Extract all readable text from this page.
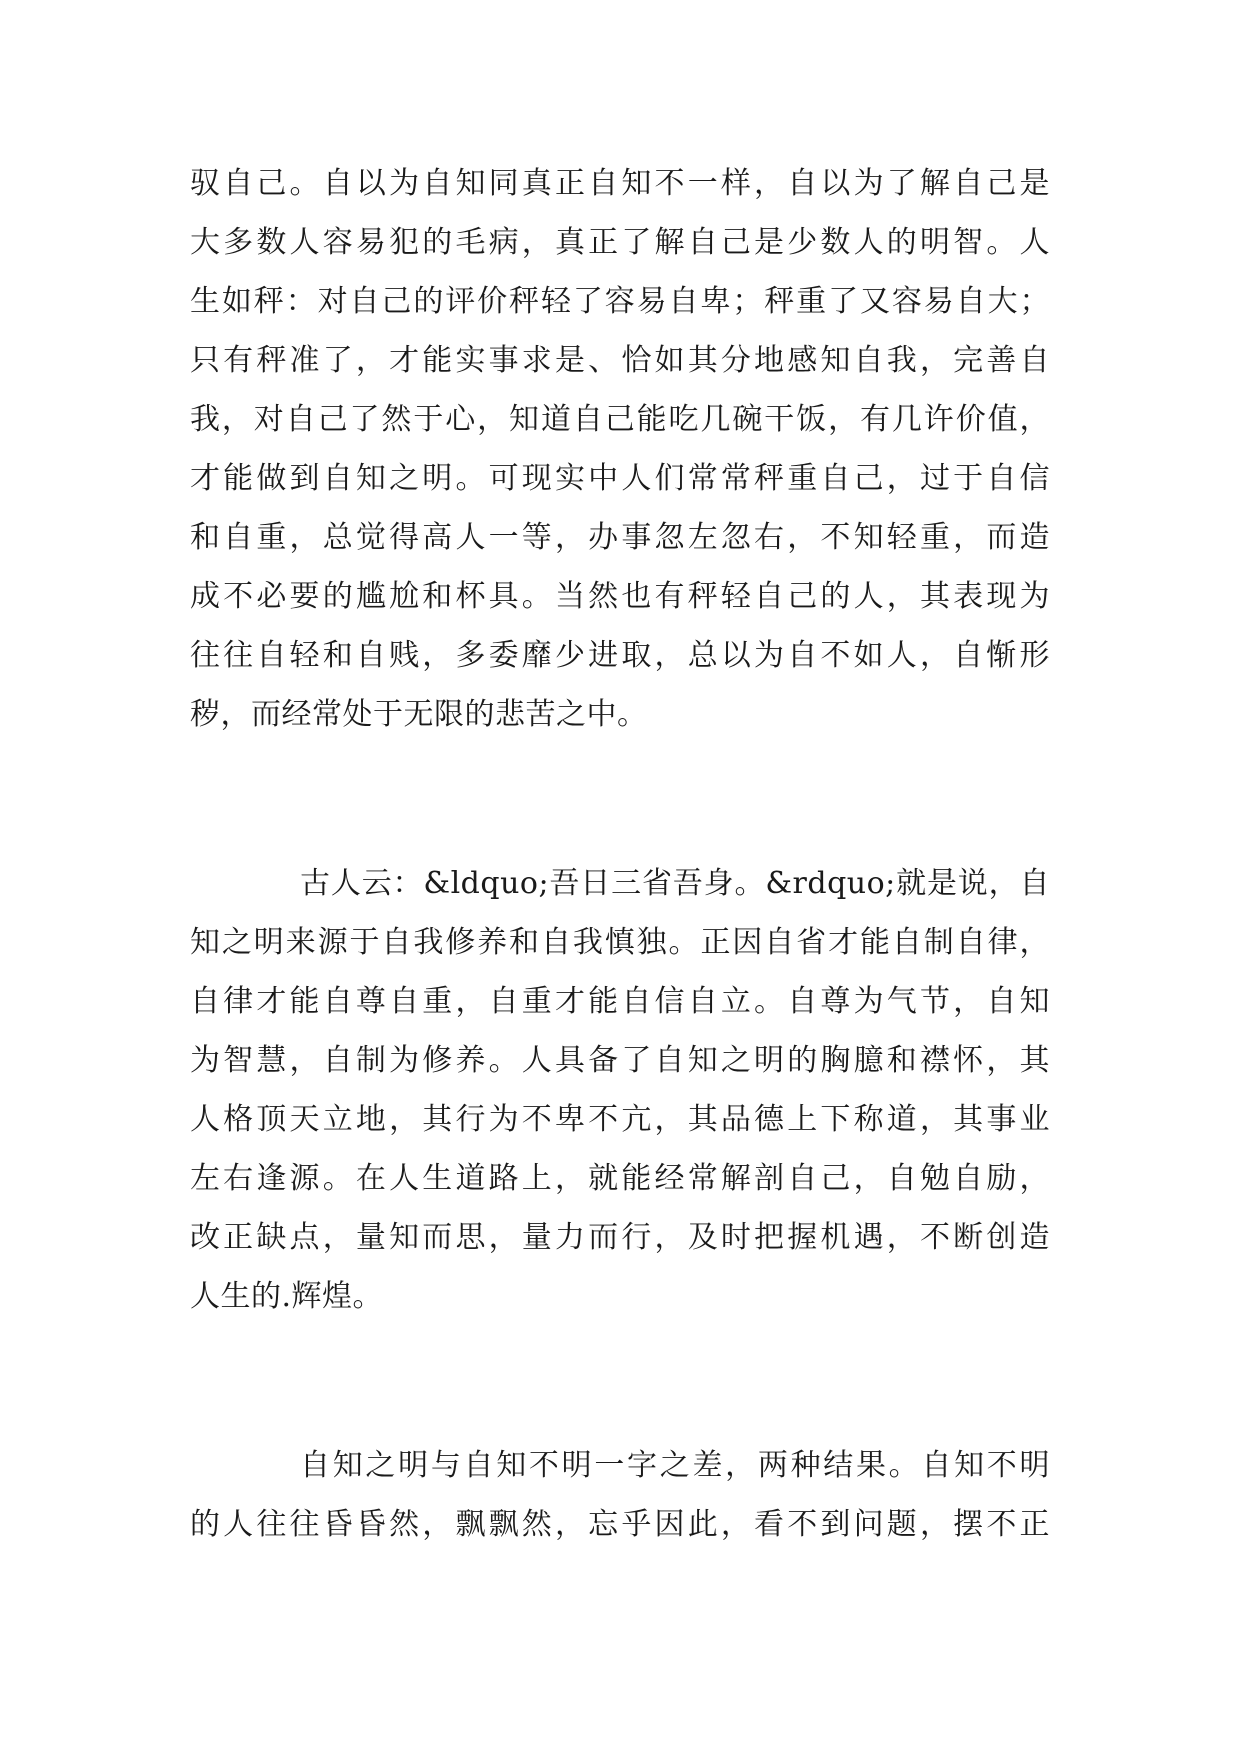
驭自己。自以为自知同真正自知不一样，自以为了解自己是
大多数人容易犯的毛病，真正了解自己是少数人的明智。人
生如秤：对自己的评价秤轻了容易自卑；秤重了又容易自大；
只有秤准了，才能实事求是、恰如其分地感知自我，完善自
我，对自己了然于心，知道自己能吃几碗干饭，有几许价值，
才能做到自知之明。可现实中人们常常秤重自己，过于自信
和自重，总觉得高人一等，办事忽左忽右，不知轻重，而造
成不必要的尴尬和杯具。当然也有秤轻自己的人，其表现为
往往自轻和自贱，多委靡少进取，总以为自不如人，自惭形
秽，而经常处于无限的悲苦之中。
古人云：&ldquo;吾日三省吾身。&rdquo;就是说，自
知之明来源于自我修养和自我慎独。正因自省才能自制自律，
自律才能自尊自重，自重才能自信自立。自尊为气节，自知
为智慧，自制为修养。人具备了自知之明的胸臆和襟怀，其
人格顶天立地，其行为不卑不亢，其品德上下称道，其事业
左右逢源。在人生道路上，就能经常解剖自己，自勉自励，
改正缺点，量知而思，量力而行，及时把握机遇，不断创造
人生的.辉煌。
自知之明与自知不明一字之差，两种结果。自知不明
的人往往昏昏然，飘飘然，忘乎因此，看不到问题，摆不正
